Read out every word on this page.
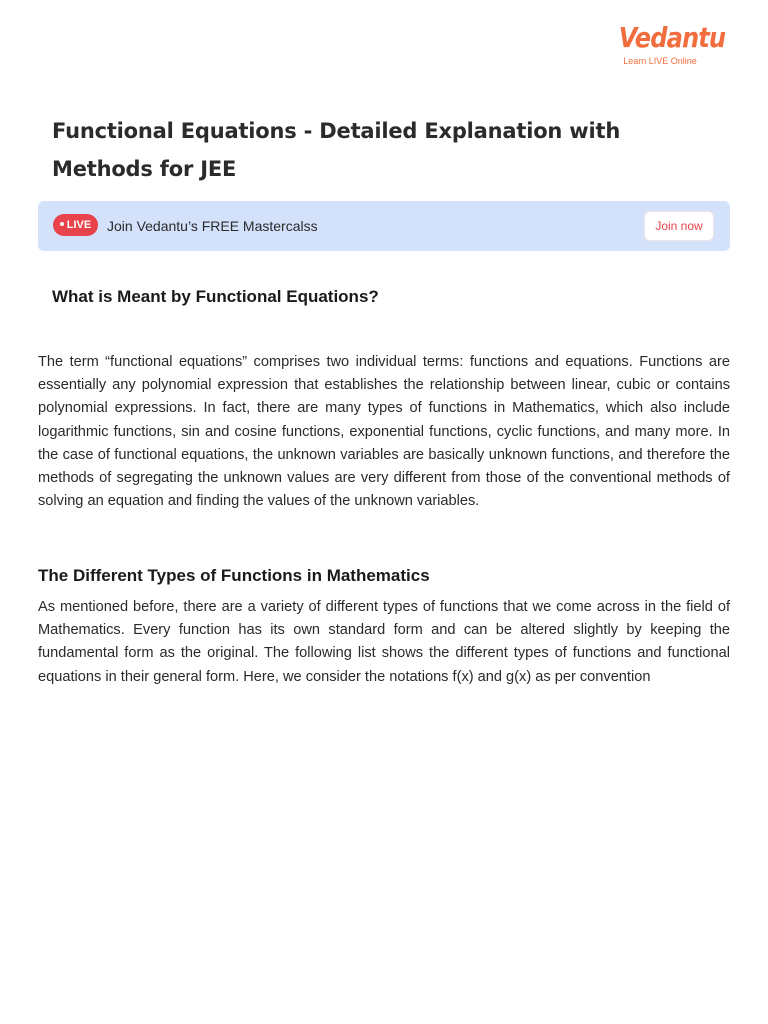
Vedantu
Learn LIVE Online
Functional Equations - Detailed Explanation with Methods for JEE
LIVE	Join Vedantu’s FREE Mastercalss	Join now
What is Meant by Functional Equations?

The term “functional equations” comprises two individual terms: functions and equations. Functions are essentially any polynomial expression that establishes the relationship between linear, cubic or contains polynomial expressions. In fact, there are many types of functions in Mathematics, which also include logarithmic functions, sin and cosine functions, exponential functions, cyclic functions, and many more. In the case of functional equations, the unknown variables are basically unknown functions, and therefore the methods of segregating the unknown values are very different from those of the conventional methods of solving an equation and finding the values of the unknown variables.

The Different Types of Functions in Mathematics

As mentioned before, there are a variety of different types of functions that we come across in the field of Mathematics. Every function has its own standard form and can be altered slightly by keeping the fundamental form as the original. The following list shows the different types of functions and functional equations in their general form. Here, we consider the notations f(x) and g(x) as per convention
